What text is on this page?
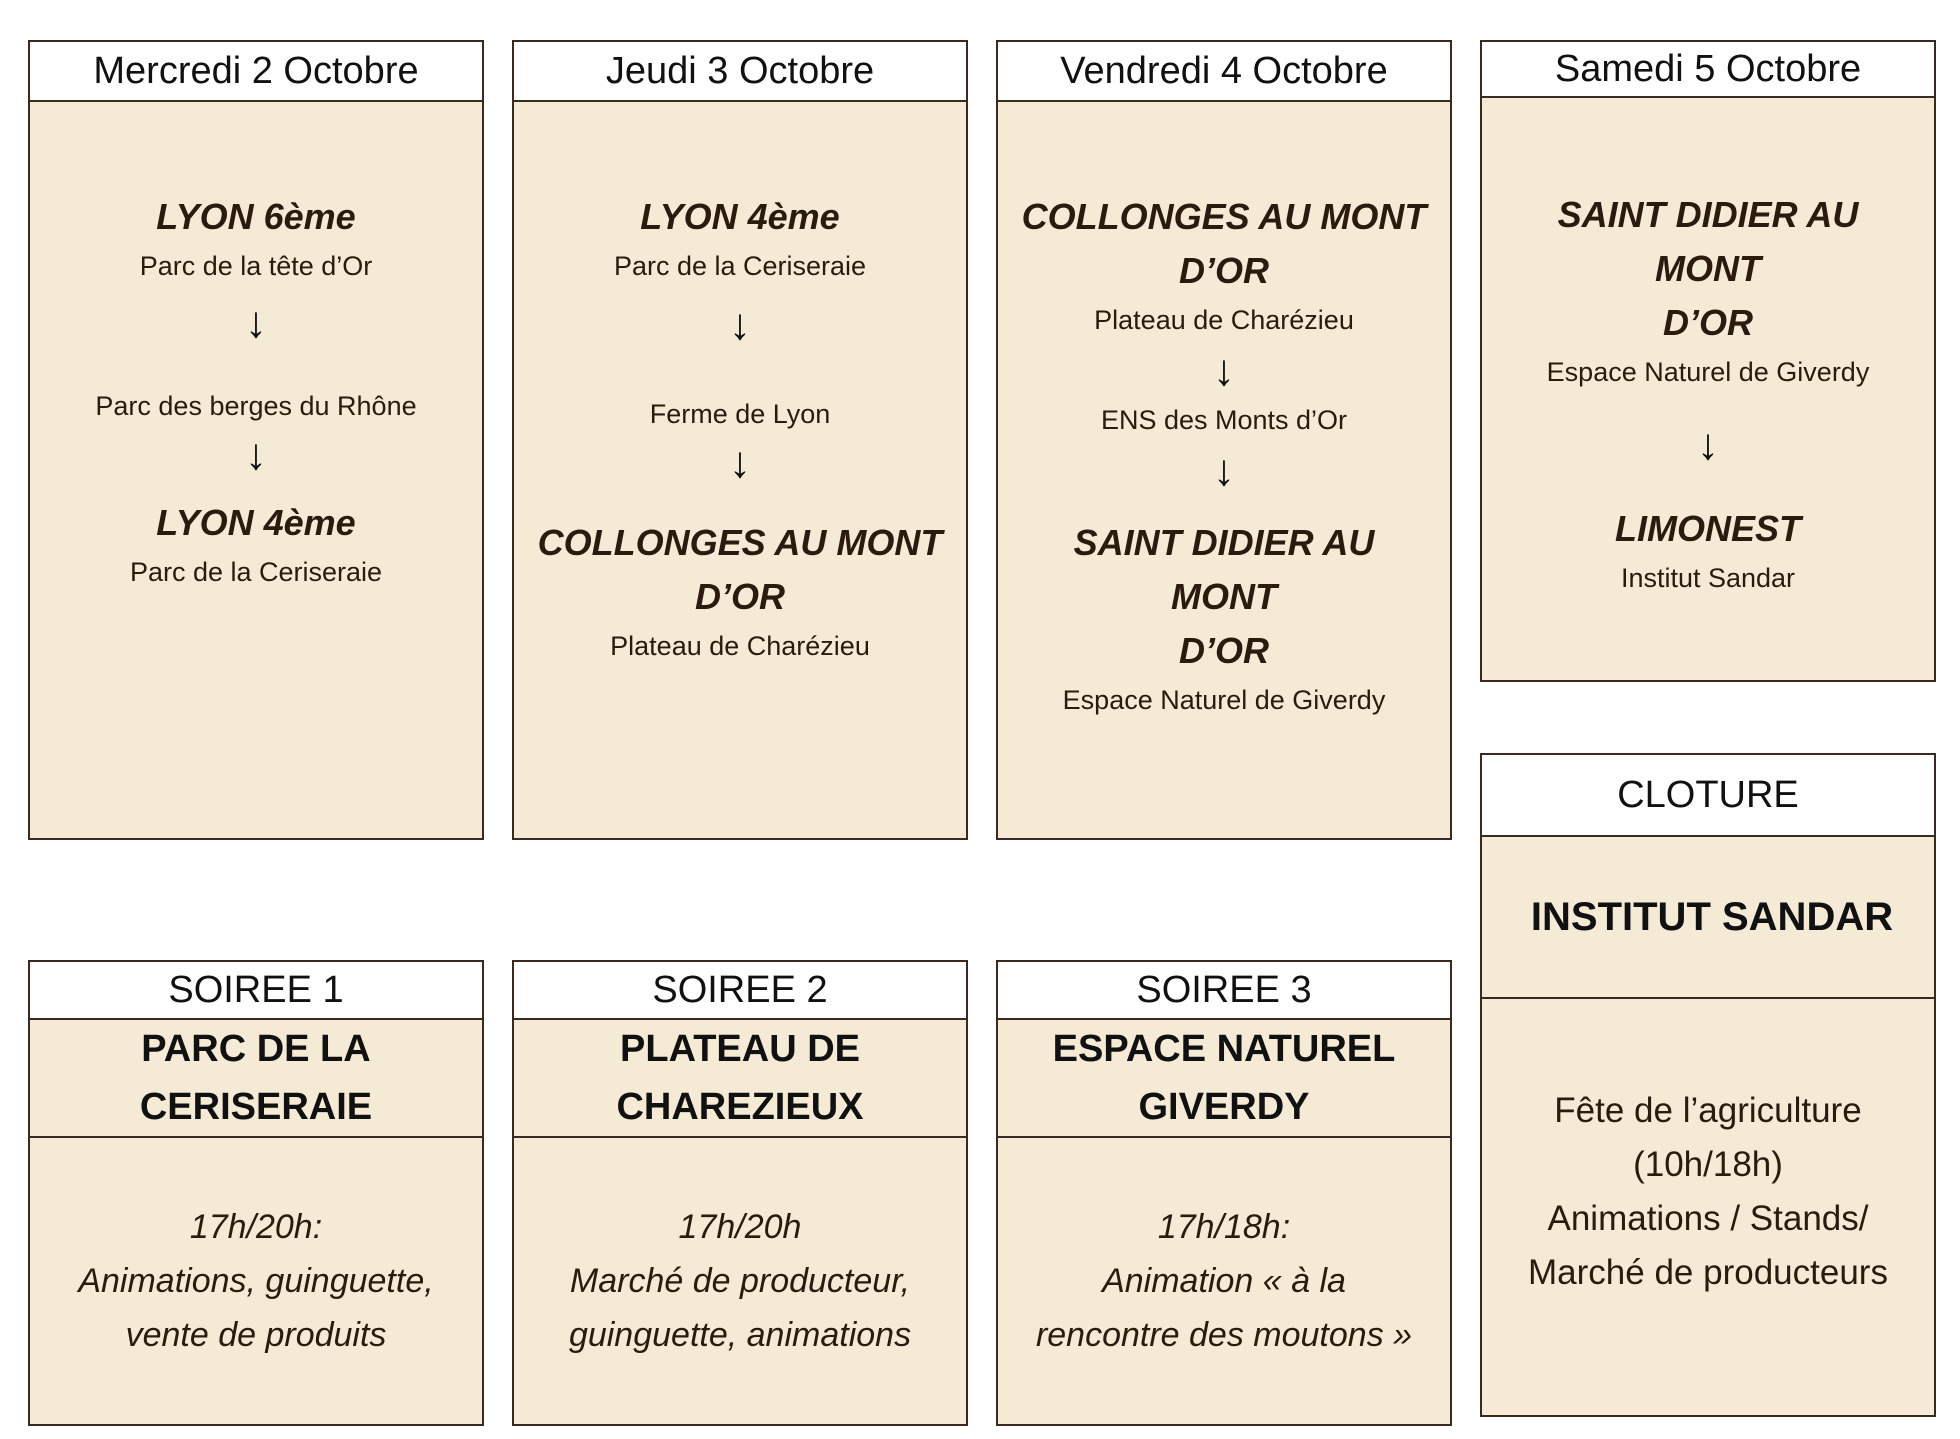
Mercredi 2 Octobre
LYON 6ème
Parc de la tête d’Or
↓
Parc des berges du Rhône
↓
LYON 4ème
Parc de la Ceriseraie
Jeudi 3 Octobre
LYON 4ème
Parc de la Ceriseraie
↓
Ferme de Lyon
↓
COLLONGES AU MONT
D’OR
Plateau de Charézieu
Vendredi 4 Octobre
COLLONGES AU MONT
D’OR
Plateau de Charézieu
↓
ENS des Monts d’Or
↓
SAINT DIDIER AU MONT
D’OR
Espace Naturel de Giverdy
Samedi 5 Octobre
SAINT DIDIER AU MONT
D’OR
Espace Naturel de Giverdy
↓
LIMONEST
Institut Sandar
CLOTURE
INSTITUT SANDAR
Fête de l’agriculture
(10h/18h)
Animations / Stands/
Marché de producteurs
SOIREE 1
PARC DE LA
CERISERAIE
17h/20h:
Animations, guinguette,
vente de produits
SOIREE 2
PLATEAU DE
CHAREZIEUX
17h/20h
Marché de producteur,
guinguette, animations
SOIREE 3
ESPACE NATUREL
GIVERDY
17h/18h:
Animation « à la
rencontre des moutons »
